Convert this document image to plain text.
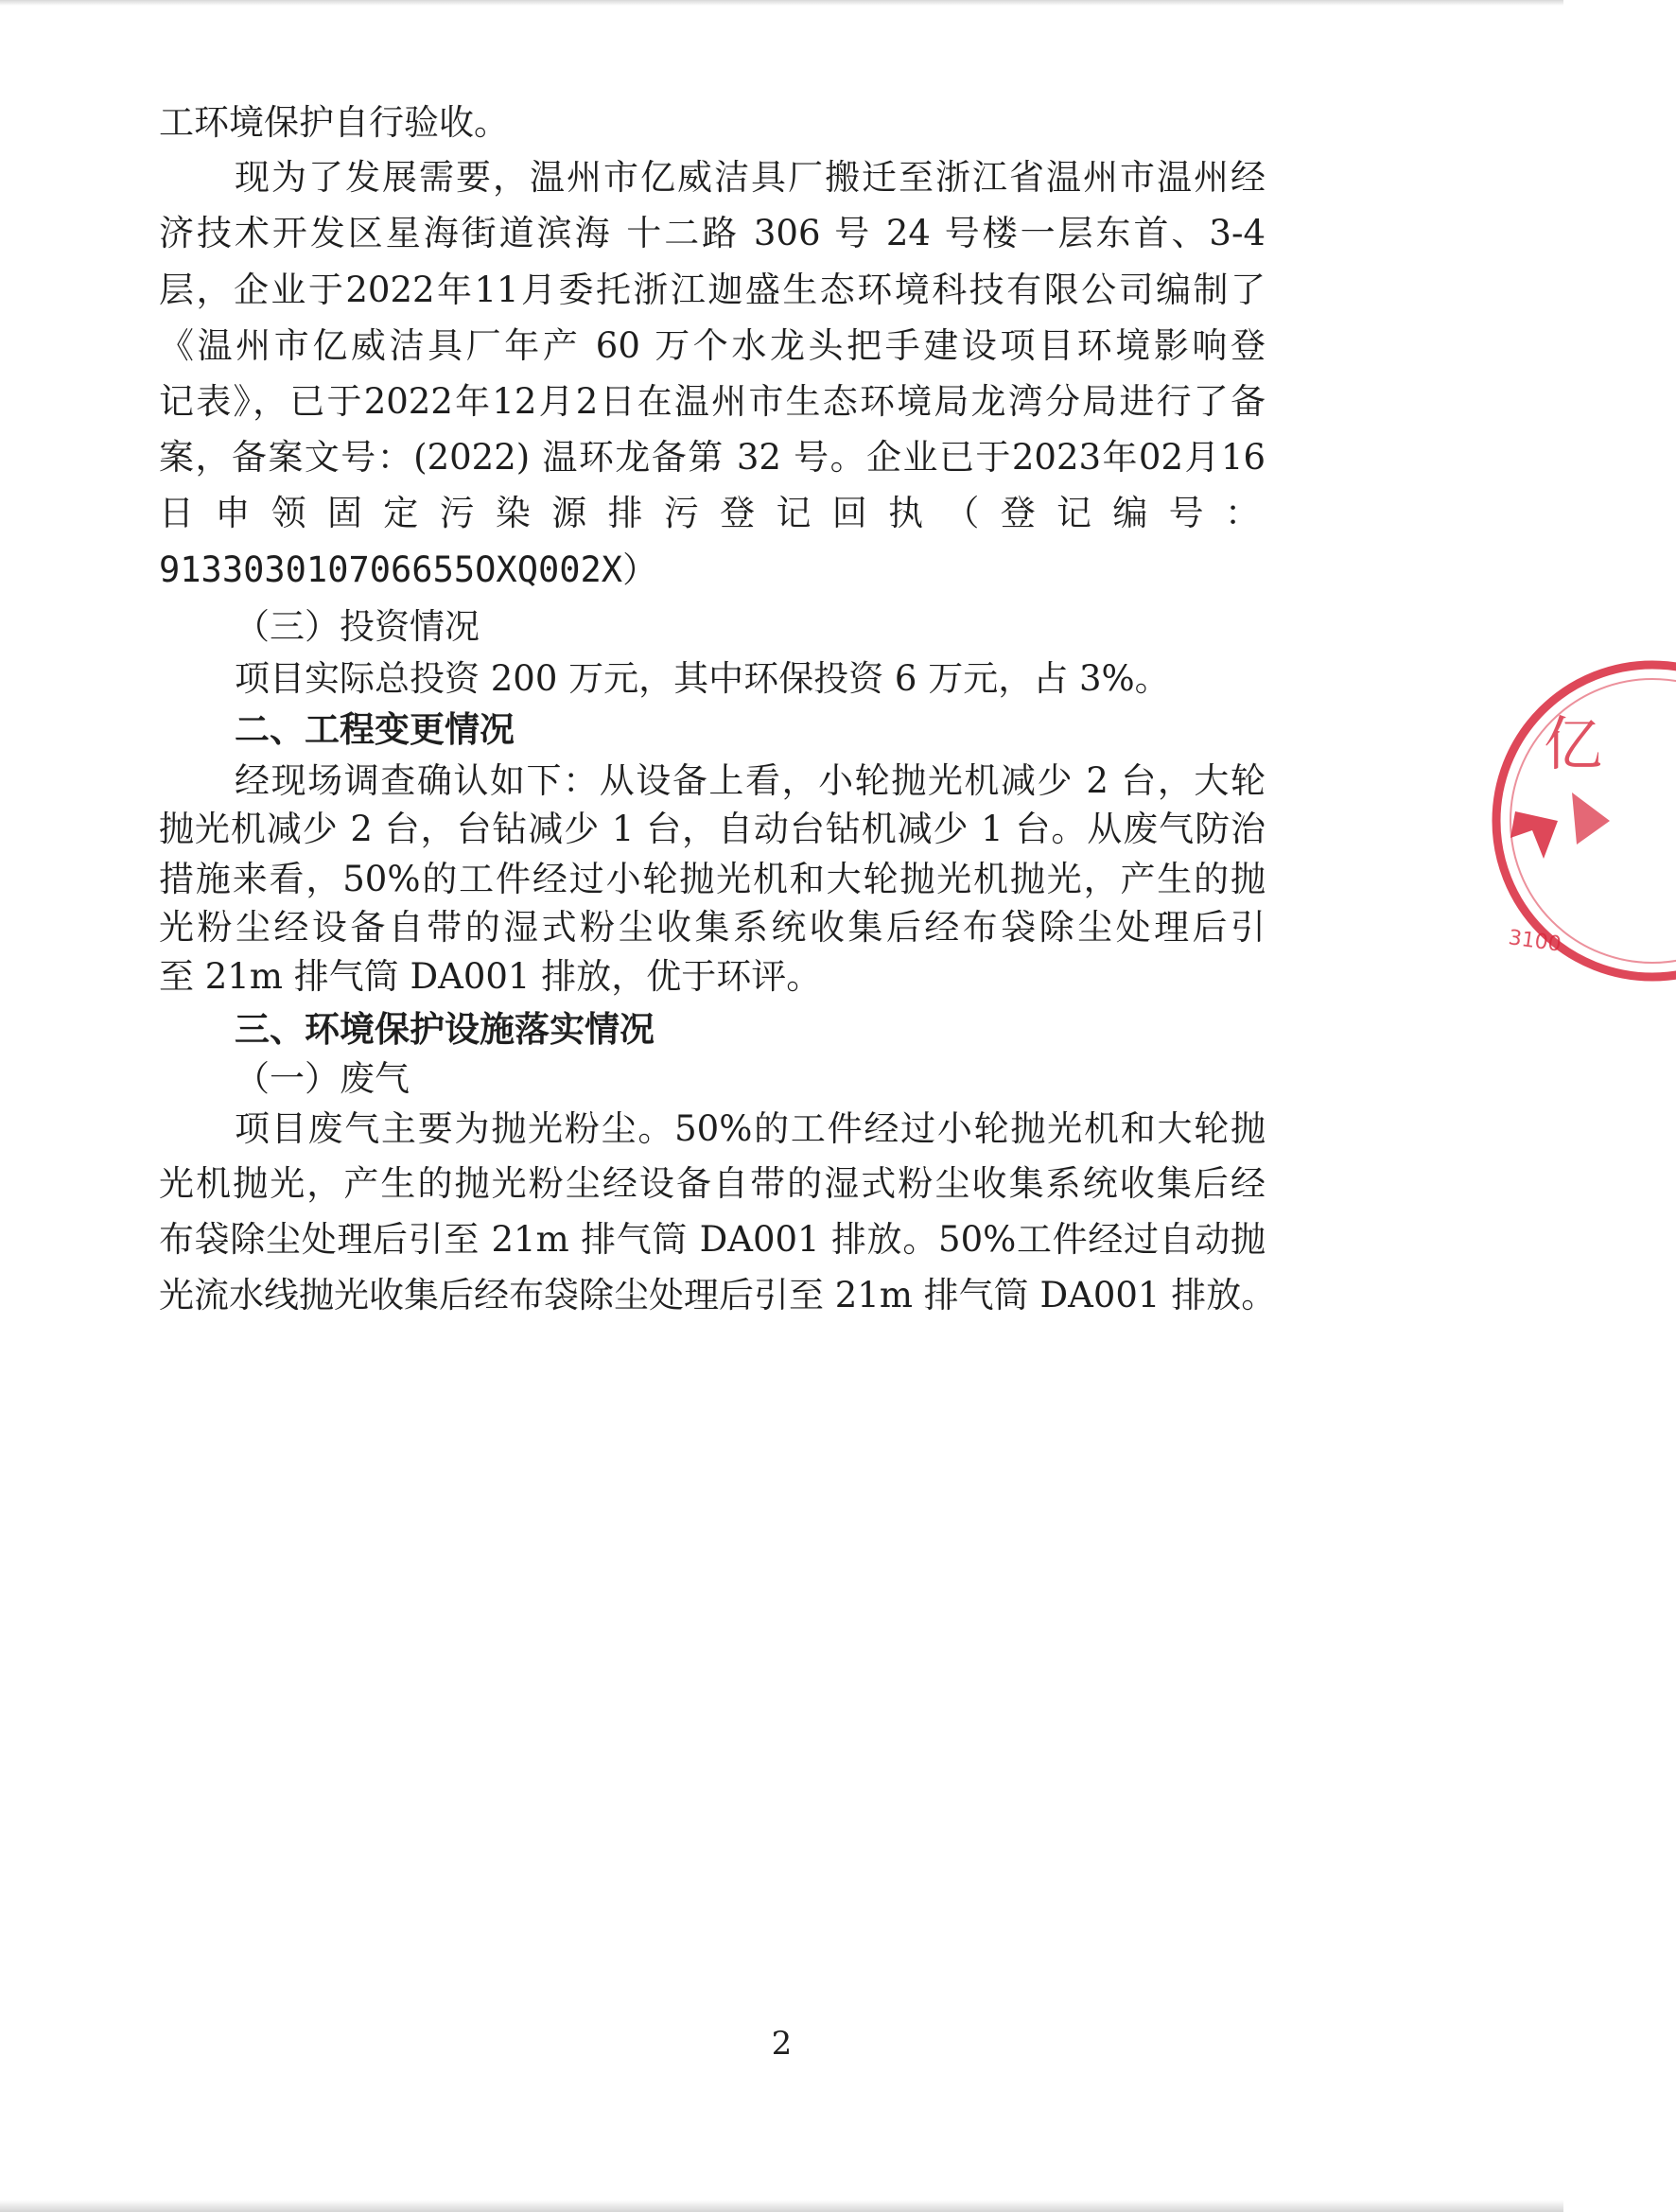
工环境保护自行验收。
现为了发展需要，温州市亿威洁具厂搬迁至浙江省温州市温州经
济技术开发区星海街道滨海 十二路 306 号 24 号楼一层东首、3-4
层，企业于2022年11月委托浙江迦盛生态环境科技有限公司编制了
《温州市亿威洁具厂年产 60 万个水龙头把手建设项目环境影响登
记表》，已于2022年12月2日在温州市生态环境局龙湾分局进行了备
案，备案文号：(2022) 温环龙备第 32 号。企业已于2023年02月16
日申领固定污染源排污登记回执（登记编号：
913303010706655OXQ002X）
（三）投资情况
项目实际总投资 200 万元，其中环保投资 6 万元，占 3%。
二、工程变更情况
经现场调查确认如下：从设备上看，小轮抛光机减少 2 台，大轮
抛光机减少 2 台，台钻减少 1 台，自动台钻机减少 1 台。从废气防治
措施来看，50%的工件经过小轮抛光机和大轮抛光机抛光，产生的抛
光粉尘经设备自带的湿式粉尘收集系统收集后经布袋除尘处理后引
至 21m 排气筒 DA001 排放，优于环评。
三、环境保护设施落实情况
（一）废气
项目废气主要为抛光粉尘。50%的工件经过小轮抛光机和大轮抛
光机抛光，产生的抛光粉尘经设备自带的湿式粉尘收集系统收集后经
布袋除尘处理后引至 21m 排气筒 DA001 排放。50%工件经过自动抛
光流水线抛光收集后经布袋除尘处理后引至 21m 排气筒 DA001 排放。
2
亿
3100
